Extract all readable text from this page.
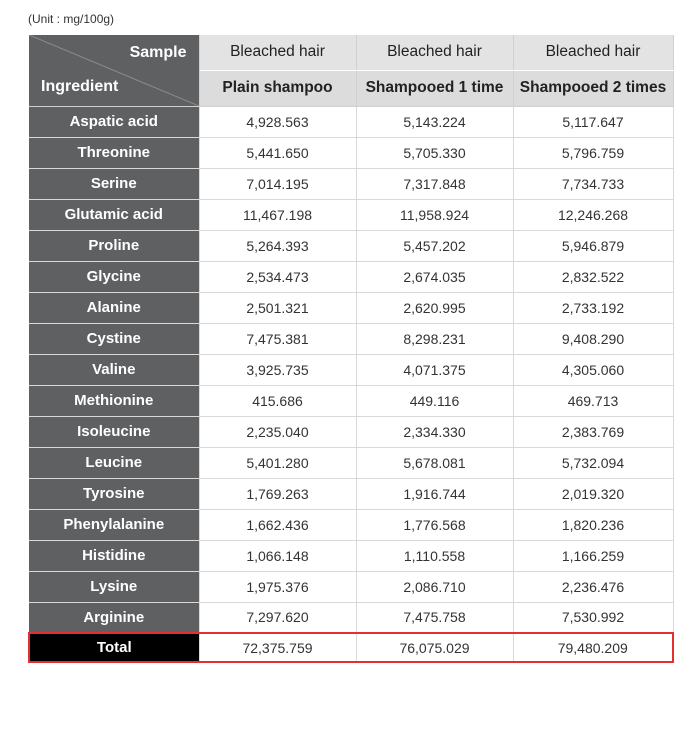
(Unit : mg/100g)
Sample
Ingredient	Bleached hair	Bleached hair	Bleached hair
	Plain shampoo	Shampooed 1 time	Shampooed 2 times
Aspatic acid	4,928.563	5,143.224	5,117.647
Threonine	5,441.650	5,705.330	5,796.759
Serine	7,014.195	7,317.848	7,734.733
Glutamic acid	11,467.198	11,958.924	12,246.268
Proline	5,264.393	5,457.202	5,946.879
Glycine	2,534.473	2,674.035	2,832.522
Alanine	2,501.321	2,620.995	2,733.192
Cystine	7,475.381	8,298.231	9,408.290
Valine	3,925.735	4,071.375	4,305.060
Methionine	415.686	449.116	469.713
Isoleucine	2,235.040	2,334.330	2,383.769
Leucine	5,401.280	5,678.081	5,732.094
Tyrosine	1,769.263	1,916.744	2,019.320
Phenylalanine	1,662.436	1,776.568	1,820.236
Histidine	1,066.148	1,110.558	1,166.259
Lysine	1,975.376	2,086.710	2,236.476
Arginine	7,297.620	7,475.758	7,530.992
Total	72,375.759	76,075.029	79,480.209
